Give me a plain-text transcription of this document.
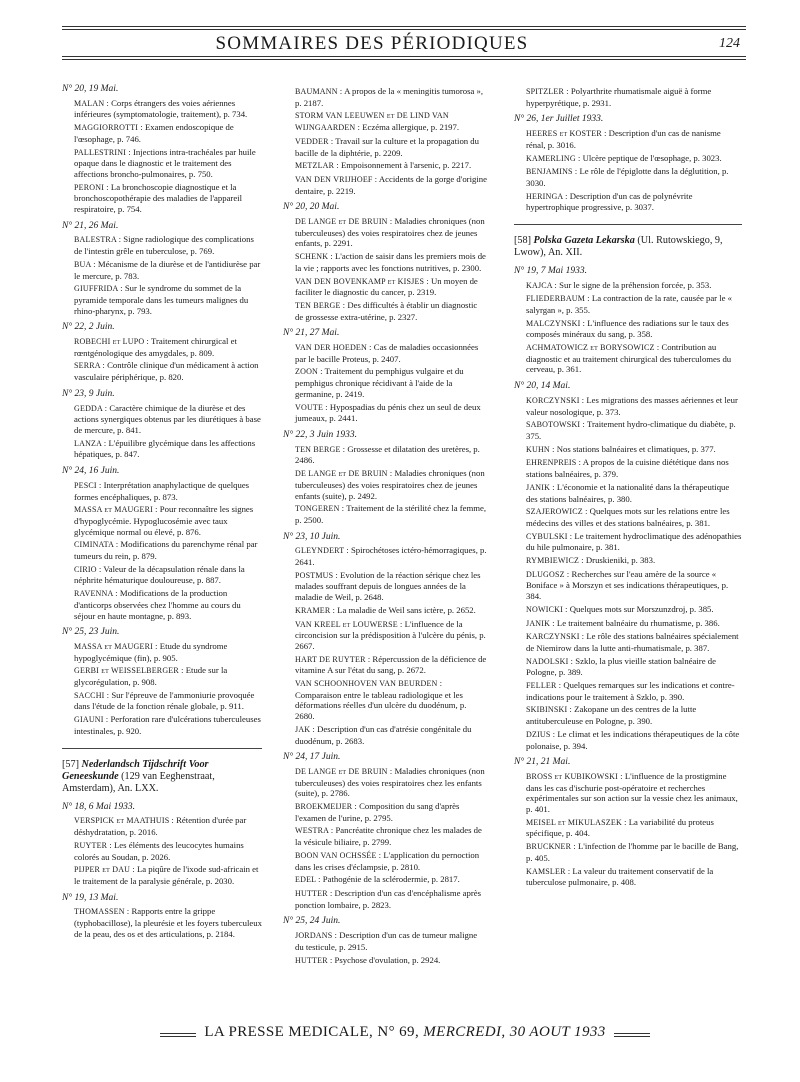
SOMMAIRES DES PÉRIODIQUES	124
N° 20, 19 Mai.
MALAN : Corps étrangers des voies aériennes inférieures (symptomatologie, traitement), p. 734.
MAGGIORROTTI : Examen endoscopique de l'œsophage, p. 746.
PALLESTRINI : Injections intra-trachéales par huile opaque dans le diagnostic et le traitement des affections broncho-pulmonaires, p. 750.
PERONI : La bronchoscopie diagnostique et la bronchoscopothérapie des maladies de l'appareil respiratoire, p. 754.
N° 21, 26 Mai.
BALESTRA : Signe radiologique des complications de l'intestin grêle en tuberculose, p. 769.
BUA : Mécanisme de la diurèse et de l'antidiurèse par le mercure, p. 783.
GIUFFRIDA : Sur le syndrome du sommet de la pyramide temporale dans les tumeurs malignes du rhino-pharynx, p. 793.
N° 22, 2 Juin.
ROBECHI et LUPO : Traitement chirurgical et rœntgénologique des amygdales, p. 809.
SERRA : Contrôle clinique d'un médicament à action vasculaire périphérique, p. 820.
N° 23, 9 Juin.
GEDDA : Caractère chimique de la diurèse et des actions synergiques obtenus par les diurétiques à base de mercure, p. 841.
LANZA : L'épuilibre glycémique dans les affections hépatiques, p. 847.
N° 24, 16 Juin.
PESCI : Interprétation anaphylactique de quelques formes encéphaliques, p. 873.
MASSA et MAUGERI : Pour reconnaître les signes d'hypoglycémie. Hypoglucosémie avec taux glycémique normal ou élevé, p. 876.
CIMINATA : Modifications du parenchyme rénal par tumeurs du rein, p. 879.
CIRIO : Valeur de la décapsulation rénale dans la néphrite hématurique douloureuse, p. 887.
RAVENNA : Modifications de la production d'anticorps observées chez l'homme au cours du séjour en haute montagne, p. 893.
N° 25, 23 Juin.
MASSA et MAUGERI : Etude du syndrome hypoglycémique (fin), p. 905.
GERBI et WEISSELBERGER : Etude sur la glycorégulation, p. 908.
SACCHI : Sur l'épreuve de l'ammoniurie provoquée dans l'étude de la fonction rénale globale, p. 911.
GIAUNI : Perforation rare d'ulcérations tuberculeuses intestinales, p. 920.
[57] Nederlandsch Tijdschrift Voor Geneeskunde (129 van Eeghenstraat, Amsterdam), An. LXX.
N° 18, 6 Mai 1933.
VERSPICK et MAATHUIS : Rétention d'urée par déshydratation, p. 2016.
RUYTER : Les éléments des leucocytes humains colorés au Soudan, p. 2026.
PIJPER et DAU : La piqûre de l'ixode sud-africain et le traitement de la paralysie générale, p. 2030.
N° 19, 13 Mai.
THOMASSEN : Rapports entre la grippe (typhobacillose), la pleurésie et les foyers tuberculeux de la peau, des os et des articulations, p. 2184.
BAUMANN : A propos de la « meningitis tumorosa », p. 2187.
STORM VAN LEEUWEN et DE LIND VAN WIJNGAARDEN : Eczéma allergique, p. 2197.
VEDDER : Travail sur la culture et la propagation du bacille de la diphtérie, p. 2209.
METZLAR : Empoisonnement à l'arsenic, p. 2217.
VAN DEN VRIJHOEF : Accidents de la gorge d'origine dentaire, p. 2219.
N° 20, 20 Mai.
DE LANGE et DE BRUIN : Maladies chroniques (non tuberculeuses) des voies respiratoires chez de jeunes enfants, p. 2291.
SCHENK : L'action de saisir dans les premiers mois de la vie ; rapports avec les fonctions nutritives, p. 2300.
VAN DEN BOVENKAMP et KISJES : Un moyen de faciliter le diagnostic du cancer, p. 2319.
TEN BERGE : Des difficultés à établir un diagnostic de grossesse extra-utérine, p. 2327.
N° 21, 27 Mai.
VAN DER HOEDEN : Cas de maladies occasionnées par le bacille Proteus, p. 2407.
ZOON : Traitement du pemphigus vulgaire et du pemphigus chronique récidivant à l'aide de la germanine, p. 2419.
VOUTE : Hypospadias du pénis chez un seul de deux jumeaux, p. 2441.
N° 22, 3 Juin 1933.
TEN BERGE : Grossesse et dilatation des uretères, p. 2486.
DE LANGE et DE BRUIN : Maladies chroniques (non tuberculeuses) des voies respiratoires chez de jeunes enfants (suite), p. 2492.
TONGEREN : Traitement de la stérilité chez la femme, p. 2500.
N° 23, 10 Juin.
GLEYNDERT : Spirochétoses ictéro-hémorragiques, p. 2641.
POSTMUS : Evolution de la réaction sérique chez les malades souffrant depuis de longues années de la maladie de Weil, p. 2648.
KRAMER : La maladie de Weil sans ictère, p. 2652.
VAN KREEL et LOUWERSE : L'influence de la circoncision sur la prédisposition à l'ulcère du pénis, p. 2667.
HART DE RUYTER : Répercussion de la déficience de vitamine A sur l'état du sang, p. 2672.
VAN SCHOONHOVEN VAN BEURDEN : Comparaison entre le tableau radiologique et les déformations réelles d'un ulcère du duodénum, p. 2680.
JAK : Description d'un cas d'atrésie congénitale du duodénum, p. 2683.
N° 24, 17 Juin.
DE LANGE et DE BRUIN : Maladies chroniques (non tuberculeuses) des voies respiratoires chez les enfants (suite), p. 2786.
BROEKMEIJER : Composition du sang d'après l'examen de l'urine, p. 2795.
WESTRA : Pancréatite chronique chez les malades de la vésicule biliaire, p. 2799.
BOON VAN OCHSSÉE : L'application du pernoction dans les crises d'éclampsie, p. 2810.
EDEL : Pathogénie de la sclérodermie, p. 2817.
HUTTER : Description d'un cas d'encéphalisme après ponction lombaire, p. 2823.
N° 25, 24 Juin.
JORDANS : Description d'un cas de tumeur maligne du testicule, p. 2915.
HUTTER : Psychose d'ovulation, p. 2924.
SPITZLER : Polyarthrite rhumatismale aiguë à forme hyperpyrétique, p. 2931.
N° 26, 1er Juillet 1933.
HEERES et KOSTER : Description d'un cas de nanisme rénal, p. 3016.
KAMERLING : Ulcère peptique de l'œsophage, p. 3023.
BENJAMINS : Le rôle de l'épiglotte dans la déglutition, p. 3030.
HERINGA : Description d'un cas de polynévrite hypertrophique progressive, p. 3037.
[58] Polska Gazeta Lekarska (Ul. Rutowskiego, 9, Lwow), An. XII.
N° 19, 7 Mai 1933.
KAJCA : Sur le signe de la préhension forcée, p. 353.
FLIEDERBAUM : La contraction de la rate, causée par le « salyrgan », p. 355.
MALCZYNSKI : L'influence des radiations sur le taux des composés minéraux du sang, p. 358.
ACHMATOWICZ et BORYSOWICZ : Contribution au diagnostic et au traitement chirurgical des tuberculomes du cerveau, p. 361.
N° 20, 14 Mai.
KORCZYNSKI : Les migrations des masses aériennes et leur valeur nosologique, p. 373.
SABOTOWSKI : Traitement hydro-climatique du diabète, p. 375.
KUHN : Nos stations balnéaires et climatiques, p. 377.
EHRENPREIS : A propos de la cuisine diététique dans nos stations balnéaires, p. 379.
JANIK : L'économie et la nationalité dans la thérapeutique des stations balnéaires, p. 380.
SZAJEROWICZ : Quelques mots sur les relations entre les médecins des villes et des stations balnéaires, p. 381.
CYBULSKI : Le traitement hydroclimatique des adénopathies du hile pulmonaire, p. 381.
RYMBIEWICZ : Druskieniki, p. 383.
DLUGOSZ : Recherches sur l'eau amère de la source « Boniface » à Morszyn et ses indications thérapeutiques, p. 384.
NOWICKI : Quelques mots sur Morszunzdroj, p. 385.
JANIK : Le traitement balnéaire du rhumatisme, p. 386.
KARCZYNSKI : Le rôle des stations balnéaires spécialement de Niemirow dans la lutte anti-rhumatismale, p. 387.
NADOLSKI : Szklo, la plus vieille station balnéaire de Pologne, p. 389.
FELLER : Quelques remarques sur les indications et contre-indications pour le traitement à Szklo, p. 390.
SKIBINSKI : Zakopane un des centres de la lutte antituberculeuse en Pologne, p. 390.
DZIUS : Le climat et les indications thérapeutiques de la côte polonaise, p. 394.
N° 21, 21 Mai.
BROSS et KUBIKOWSKI : L'influence de la prostigmine dans les cas d'ischurie post-opératoire et recherches expérimentales sur son action sur la vessie chez les animaux, p. 401.
MEISEL et MIKULASZEK : La variabilité du proteus spécifique, p. 404.
BRUCKNER : L'infection de l'homme par le bacille de Bang, p. 405.
KAMSLER : La valeur du traitement conservatif de la tuberculose pulmonaire, p. 408.
LA PRESSE MEDICALE, N° 69, MERCREDI, 30 AOUT 1933
